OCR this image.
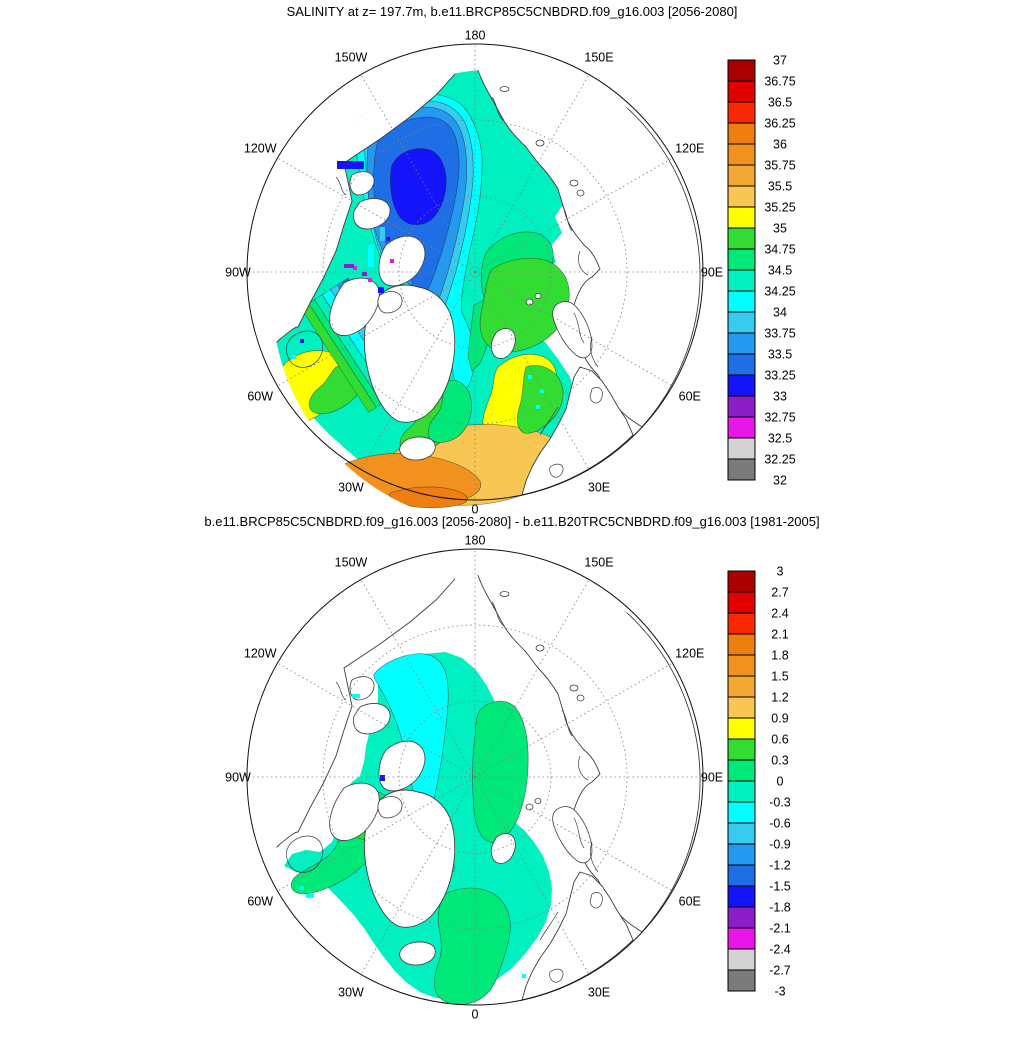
SALINITY at z= 197.7m, b.e11.BRCP85C5CNBDRD.f09_g16.003 [2056-2080]
180
150E
120E
90E
60E
30E
0
30W
60W
90W
120W
150W	37
36.75
36.5
36.25
36
35.75
35.5
35.25
35
34.75
34.5
34.25
34
33.75
33.5
33.25
33
32.75
32.5
32.25
32
b.e11.BRCP85C5CNBDRD.f09_g16.003 [2056-2080] - b.e11.B20TRC5CNBDRD.f09_g16.003 [1981-2005]
180
150E
120E
90E
60E
30E
0
30W
60W
90W
120W
150W
3
2.7
2.4
2.1
1.8
1.5
1.2
0.9
0.6
0.3
0
-0.3
-0.6
-0.9
-1.2
-1.5
-1.8
-2.1
-2.4
-2.7
-3
